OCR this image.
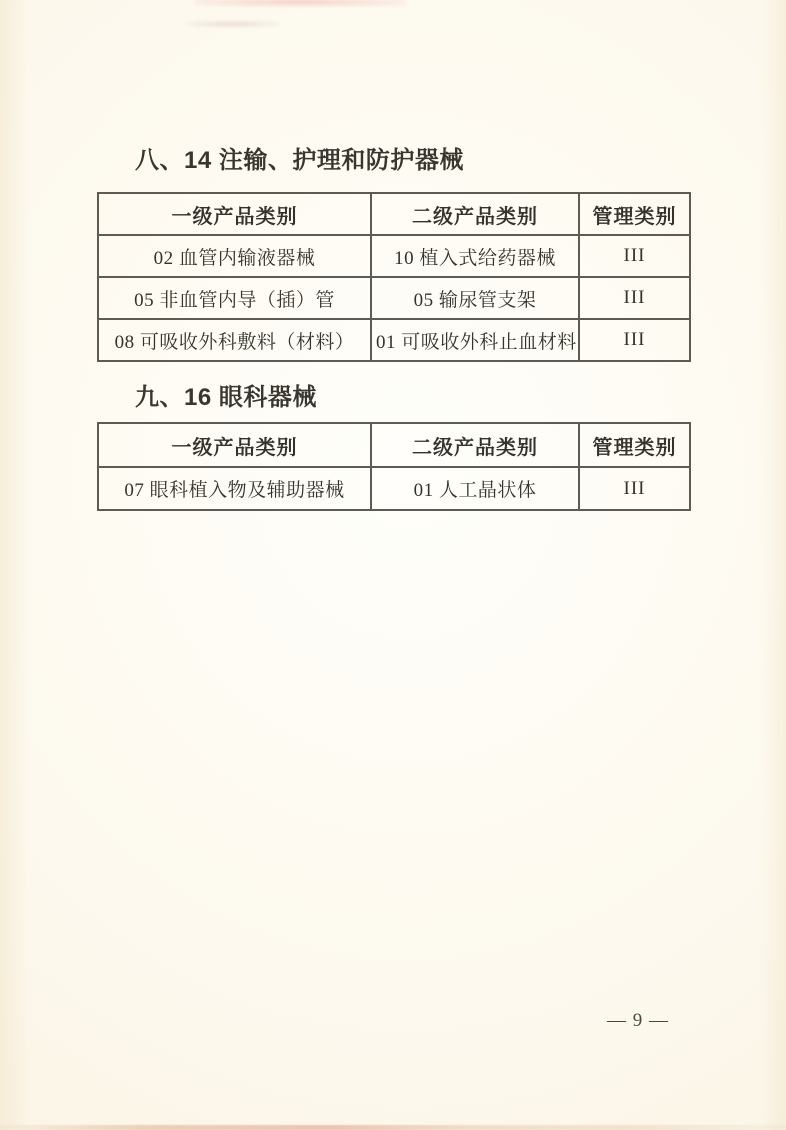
八、14 注输、护理和防护器械
一级产品类别	二级产品类别	管理类别
02 血管内输液器械	10 植入式给药器械	III
05 非血管内导（插）管	05 输尿管支架	III
08 可吸收外科敷料（材料）	01 可吸收外科止血材料	III
九、16 眼科器械
一级产品类别	二级产品类别	管理类别
07 眼科植入物及辅助器械	01 人工晶状体	III
— 9 —
